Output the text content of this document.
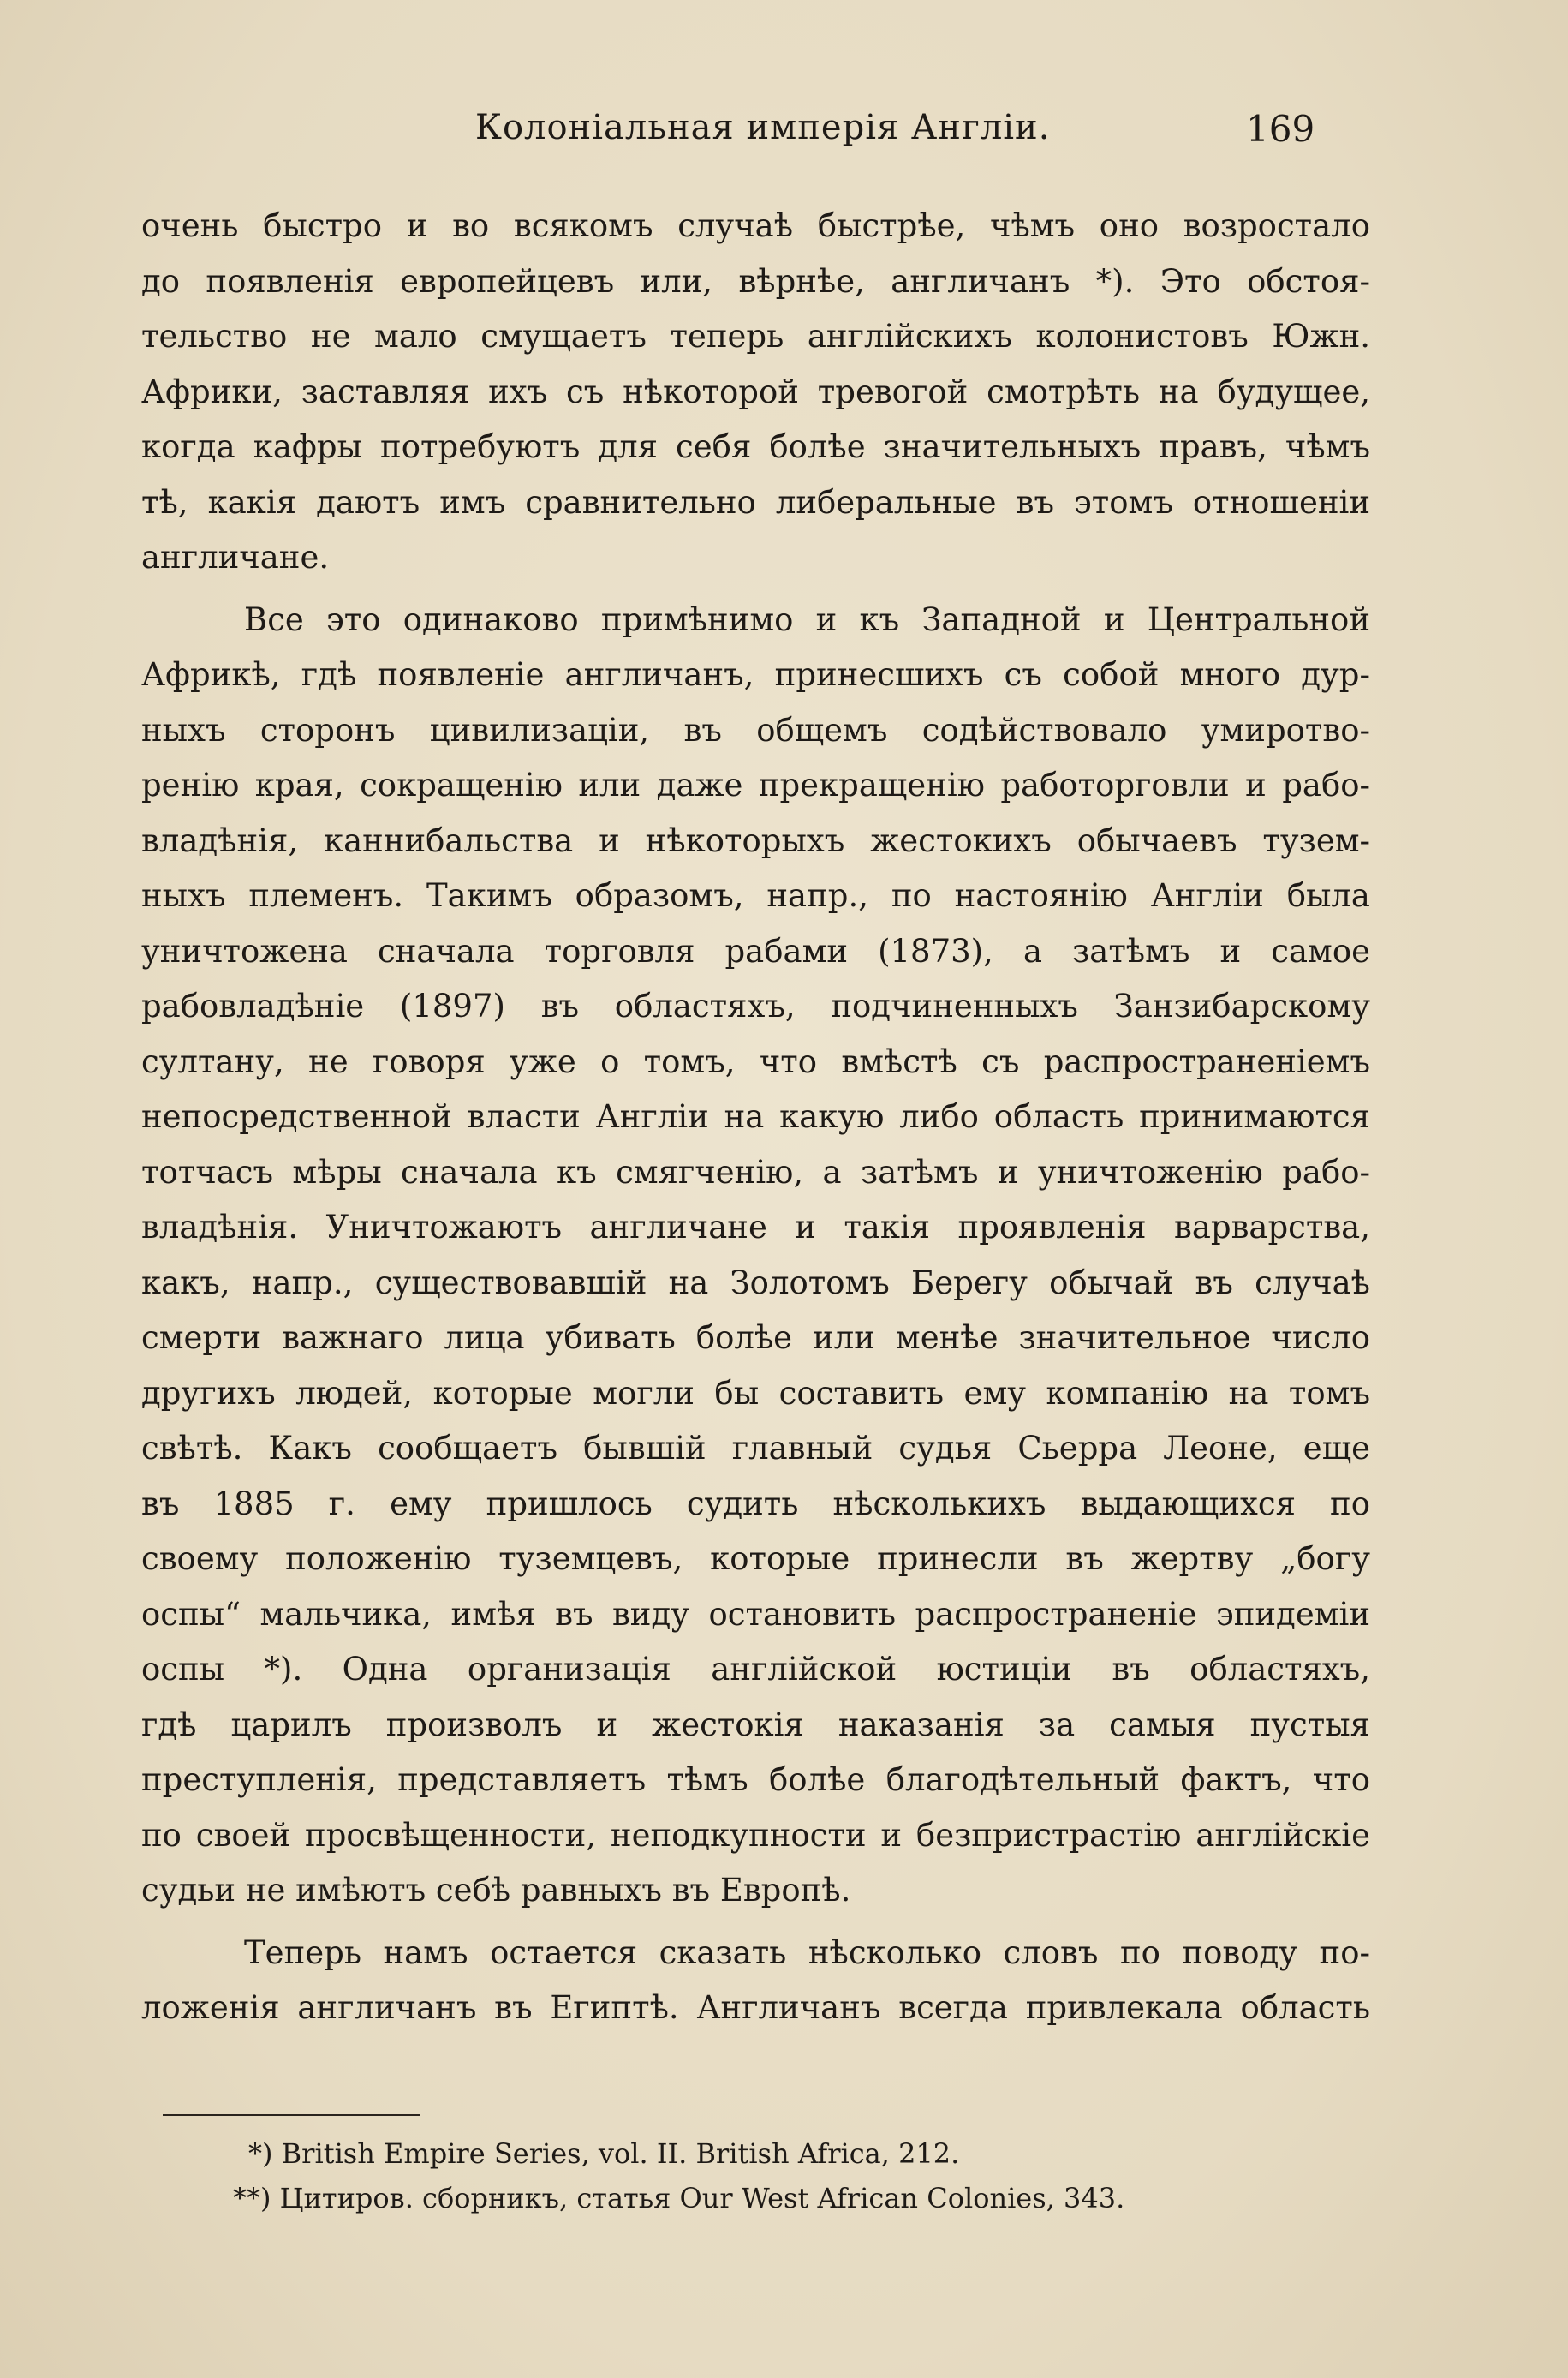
Колоніальная имперія Англіи.	169
очень быстро и во всякомъ случаѣ быстрѣе, чѣмъ оно возростало
до появленія европейцевъ или, вѣрнѣе, англичанъ *). Это обстоя-
тельство не мало смущаетъ теперь англійскихъ колонистовъ Южн.
Африки, заставляя ихъ съ нѣкоторой тревогой смотрѣть на будущее,
когда кафры потребуютъ для себя болѣе значительныхъ правъ, чѣмъ
тѣ, какія даютъ имъ сравнительно либеральные въ этомъ отношеніи
англичане.
Все это одинаково примѣнимо и къ Западной и Центральной
Африкѣ, гдѣ появленіе англичанъ, принесшихъ съ собой много дур-
ныхъ сторонъ цивилизаціи, въ общемъ содѣйствовало умиротво-
ренію края, сокращенію или даже прекращенію работорговли и рабо-
владѣнія, каннибальства и нѣкоторыхъ жестокихъ обычаевъ тузем-
ныхъ племенъ. Такимъ образомъ, напр., по настоянію Англіи была
уничтожена сначала торговля рабами (1873), а затѣмъ и самое
рабовладѣніе (1897) въ областяхъ, подчиненныхъ Занзибарскому
султану, не говоря уже о томъ, что вмѣстѣ съ распространеніемъ
непосредственной власти Англіи на какую либо область принимаются
тотчасъ мѣры сначала къ смягченію, а затѣмъ и уничтоженію рабо-
владѣнія. Уничтожаютъ англичане и такія проявленія варварства,
какъ, напр., существовавшій на Золотомъ Берегу обычай въ случаѣ
смерти важнаго лица убивать болѣе или менѣе значительное число
другихъ людей, которые могли бы составить ему компанію на томъ
свѣтѣ. Какъ сообщаетъ бывшій главный судья Сьерра Леоне, еще
въ 1885 г. ему пришлось судить нѣсколькихъ выдающихся по
своему положенію туземцевъ, которые принесли въ жертву „богу
оспы“ мальчика, имѣя въ виду остановить распространеніе эпидеміи
оспы *). Одна организація англійской юстиціи въ областяхъ,
гдѣ царилъ произволъ и жестокія наказанія за самыя пустыя
преступленія, представляетъ тѣмъ болѣе благодѣтельный фактъ, что
по своей просвѣщенности, неподкупности и безпристрастію англійскіе
судьи не имѣютъ себѣ равныхъ въ Европѣ.
Теперь намъ остается сказать нѣсколько словъ по поводу по-
ложенія англичанъ въ Египтѣ. Англичанъ всегда привлекала область
*) British Empire Series, vol. II. British Africa, 212.
**) Цитиров. сборникъ, статья Our West African Colonies, 343.
